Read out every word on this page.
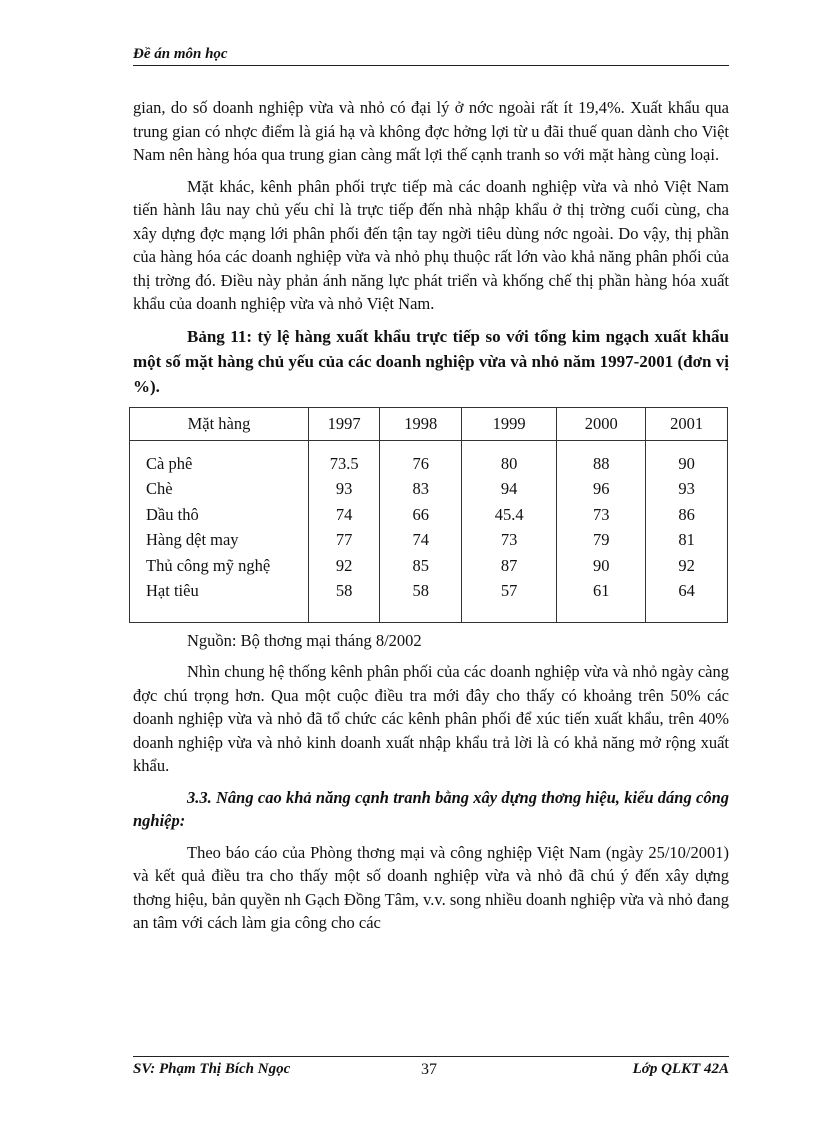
Đề án môn học

gian, do số doanh nghiệp vừa và nhỏ có đại lý ở nớc ngoài rất ít 19,4%. Xuất khẩu qua trung gian có nhợc điểm là giá hạ và không đợc hởng lợi từ u đãi thuế quan dành cho Việt Nam nên hàng hóa qua trung gian càng mất lợi thế cạnh tranh so với mặt hàng cùng loại.

Mặt khác, kênh phân phối trực tiếp mà các doanh nghiệp vừa và nhỏ Việt Nam tiến hành lâu nay chủ yếu chỉ là trực tiếp đến nhà nhập khẩu ở thị trờng cuối cùng, cha xây dựng đợc mạng lới phân phối đến tận tay ngời tiêu dùng nớc ngoài. Do vậy, thị phần của hàng hóa các doanh nghiệp vừa và nhỏ phụ thuộc rất lớn vào khả năng phân phối của thị trờng đó. Điều này phản ánh năng lực phát triển và khống chế thị phần hàng hóa xuất khẩu của doanh nghiệp vừa và nhỏ Việt Nam.

Bảng 11: tỷ lệ hàng xuất khẩu trực tiếp so với tổng kim ngạch xuất khẩu một số mặt hàng chủ yếu của các doanh nghiệp vừa và nhỏ năm 1997-2001 (đơn vị %).

Mặt hàng	1997	1998	1999	2000	2001
Cà phê	73.5	76	80	88	90
Chè	93	83	94	96	93
Dầu thô	74	66	45.4	73	86
Hàng dệt may	77	74	73	79	81
Thủ công mỹ nghệ	92	85	87	90	92
Hạt tiêu	58	58	57	61	64

Nguồn: Bộ thơng mại tháng 8/2002

Nhìn chung hệ thống kênh phân phối của các doanh nghiệp vừa và nhỏ ngày càng đợc chú trọng hơn. Qua một cuộc điều tra mới đây cho thấy có khoảng trên 50% các doanh nghiệp vừa và nhỏ đã tổ chức các kênh phân phối để xúc tiến xuất khẩu, trên 40% doanh nghiệp vừa và nhỏ kinh doanh xuất nhập khẩu trả lời là có khả năng mở rộng xuất khẩu.

3.3. Nâng cao khả năng cạnh tranh bằng xây dựng thơng hiệu, kiểu dáng công nghiệp:

Theo báo cáo của Phòng thơng mại và công nghiệp Việt Nam (ngày 25/10/2001) và kết quả điều tra cho thấy một số doanh nghiệp vừa và nhỏ đã chú ý đến xây dựng thơng hiệu, bản quyền nh Gạch Đồng Tâm, v.v. song nhiều doanh nghiệp vừa và nhỏ đang an tâm với cách làm gia công cho các

SV: Phạm Thị Bích Ngọc	37	Lớp QLKT 42A
